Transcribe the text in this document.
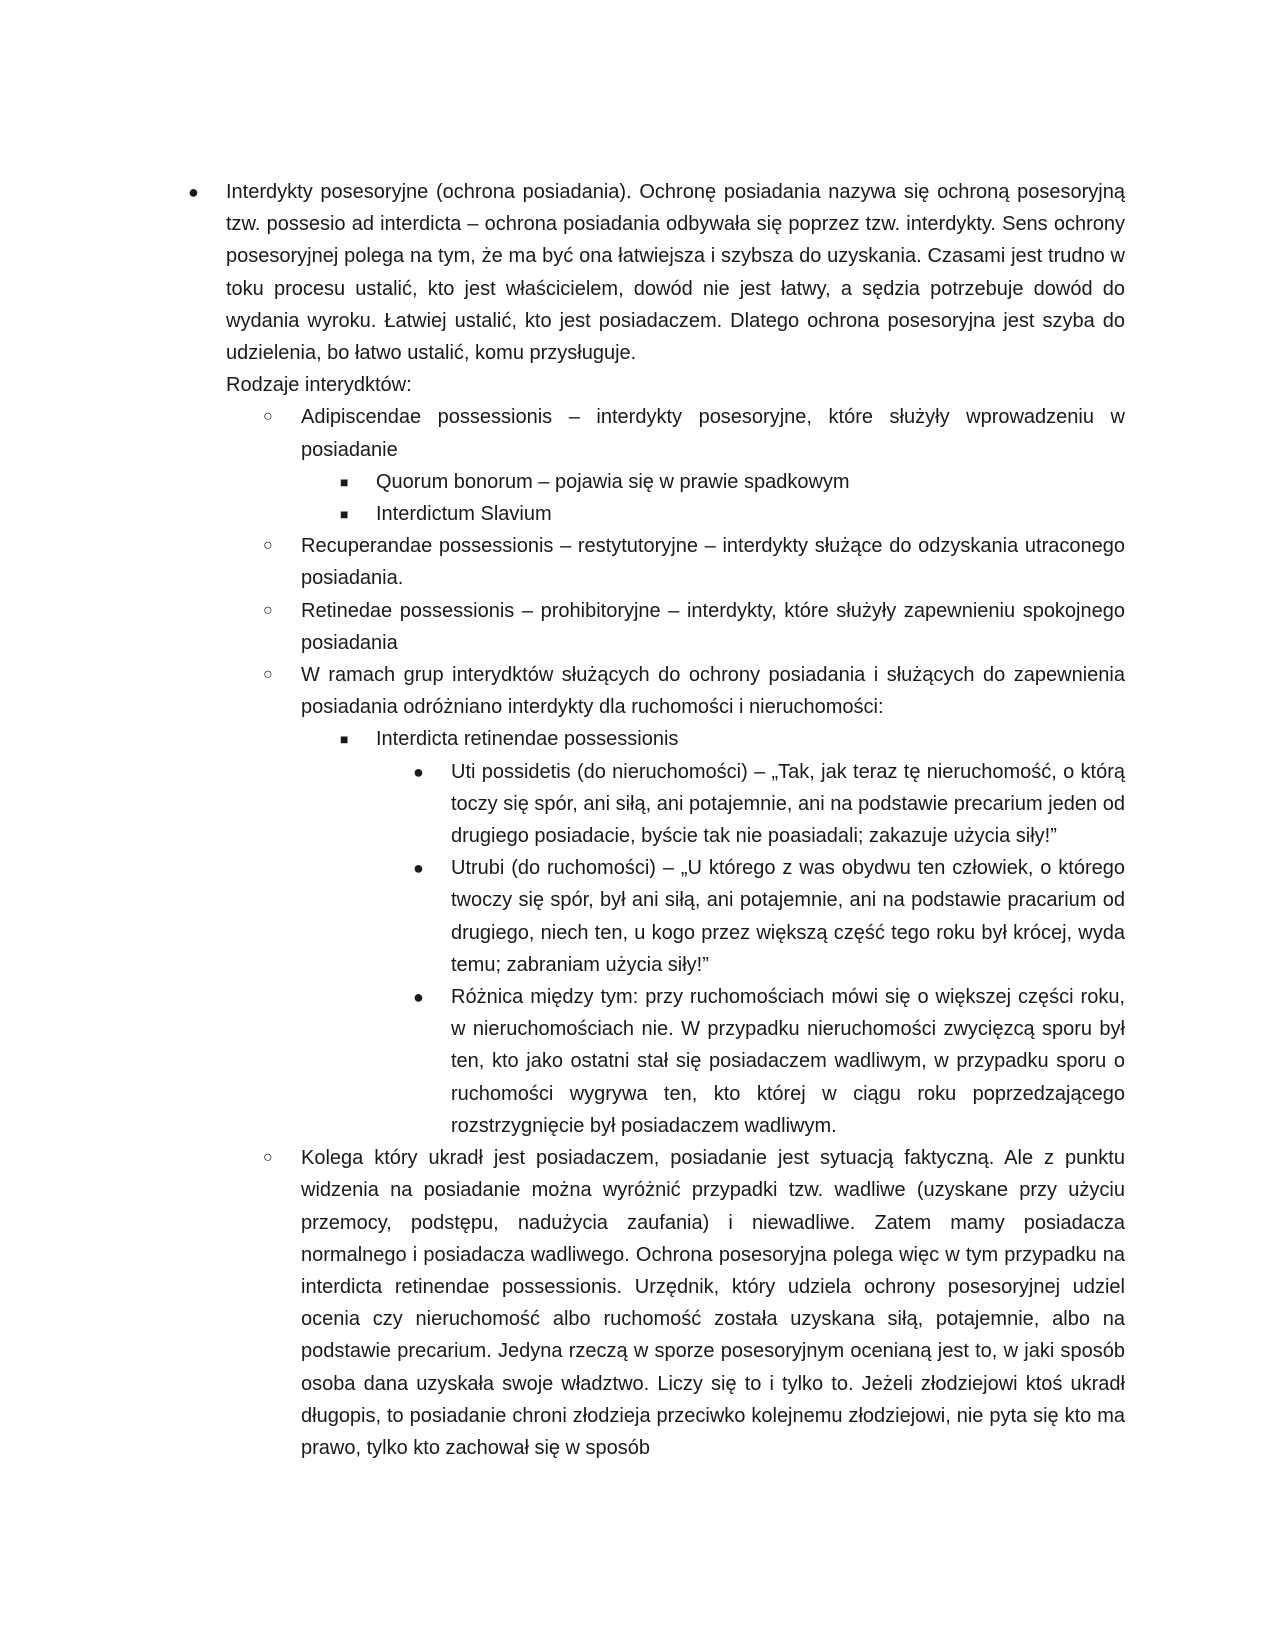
● Interdykty posesoryjne (ochrona posiadania). Ochronę posiadania nazywa się ochroną posesoryjną tzw. possesio ad interdicta – ochrona posiadania odbywała się poprzez tzw. interdykty. Sens ochrony posesoryjnej polega na tym, że ma być ona łatwiejsza i szybsza do uzyskania. Czasami jest trudno w toku procesu ustalić, kto jest właścicielem, dowód nie jest łatwy, a sędzia potrzebuje dowód do wydania wyroku. Łatwiej ustalić, kto jest posiadaczem. Dlatego ochrona posesoryjna jest szyba do udzielenia, bo łatwo ustalić, komu przysługuje.
Rodzaje interydktów:
○ Adipiscendae possessionis – interdykty posesoryjne, które służyły wprowadzeniu w posiadanie
■ Quorum bonorum – pojawia się w prawie spadkowym
■ Interdictum Slavium
○ Recuperandae possessionis – restytutoryjne – interdykty służące do odzyskania utraconego posiadania.
○ Retinedae possessionis – prohibitoryjne – interdykty, które służyły zapewnieniu spokojnego posiadania
○ W ramach grup interydktów służących do ochrony posiadania i służących do zapewnienia posiadania odróżniano interdykty dla ruchomości i nieruchomości:
■ Interdicta retinendae possessionis
● Uti possidetis (do nieruchomości) – „Tak, jak teraz tę nieruchomość, o którą toczy się spór, ani siłą, ani potajemnie, ani na podstawie precarium jeden od drugiego posiadacie, byście tak nie poasiadali; zakazuje użycia siły!”
● Utrubi (do ruchomości) – „U którego z was obydwu ten człowiek, o którego twoczy się spór, był ani siłą, ani potajemnie, ani na podstawie pracarium od drugiego, niech ten, u kogo przez większą część tego roku był krócej, wyda temu; zabraniam użycia siły!”
● Różnica między tym: przy ruchomościach mówi się o większej części roku, w nieruchomościach nie. W przypadku nieruchomości zwycięzcą sporu był ten, kto jako ostatni stał się posiadaczem wadliwym, w przypadku sporu o ruchomości wygrywa ten, kto której w ciągu roku poprzedzającego rozstrzygnięcie był posiadaczem wadliwym.
○ Kolega który ukradł jest posiadaczem, posiadanie jest sytuacją faktyczną. Ale z punktu widzenia na posiadanie można wyróżnić przypadki tzw. wadliwe (uzyskane przy użyciu przemocy, podstępu, nadużycia zaufania) i niewadliwe. Zatem mamy posiadacza normalnego i posiadacza wadliwego. Ochrona posesoryjna polega więc w tym przypadku na interdicta retinendae possessionis. Urzędnik, który udziela ochrony posesoryjnej udziel ocenia czy nieruchomość albo ruchomość została uzyskana siłą, potajemnie, albo na podstawie precarium. Jedyna rzeczą w sporze posesoryjnym ocenianą jest to, w jaki sposób osoba dana uzyskała swoje władztwo. Liczy się to i tylko to. Jeżeli złodziejowi ktoś ukradł długopis, to posiadanie chroni złodzieja przeciwko kolejnemu złodziejowi, nie pyta się kto ma prawo, tylko kto zachował się w sposób
